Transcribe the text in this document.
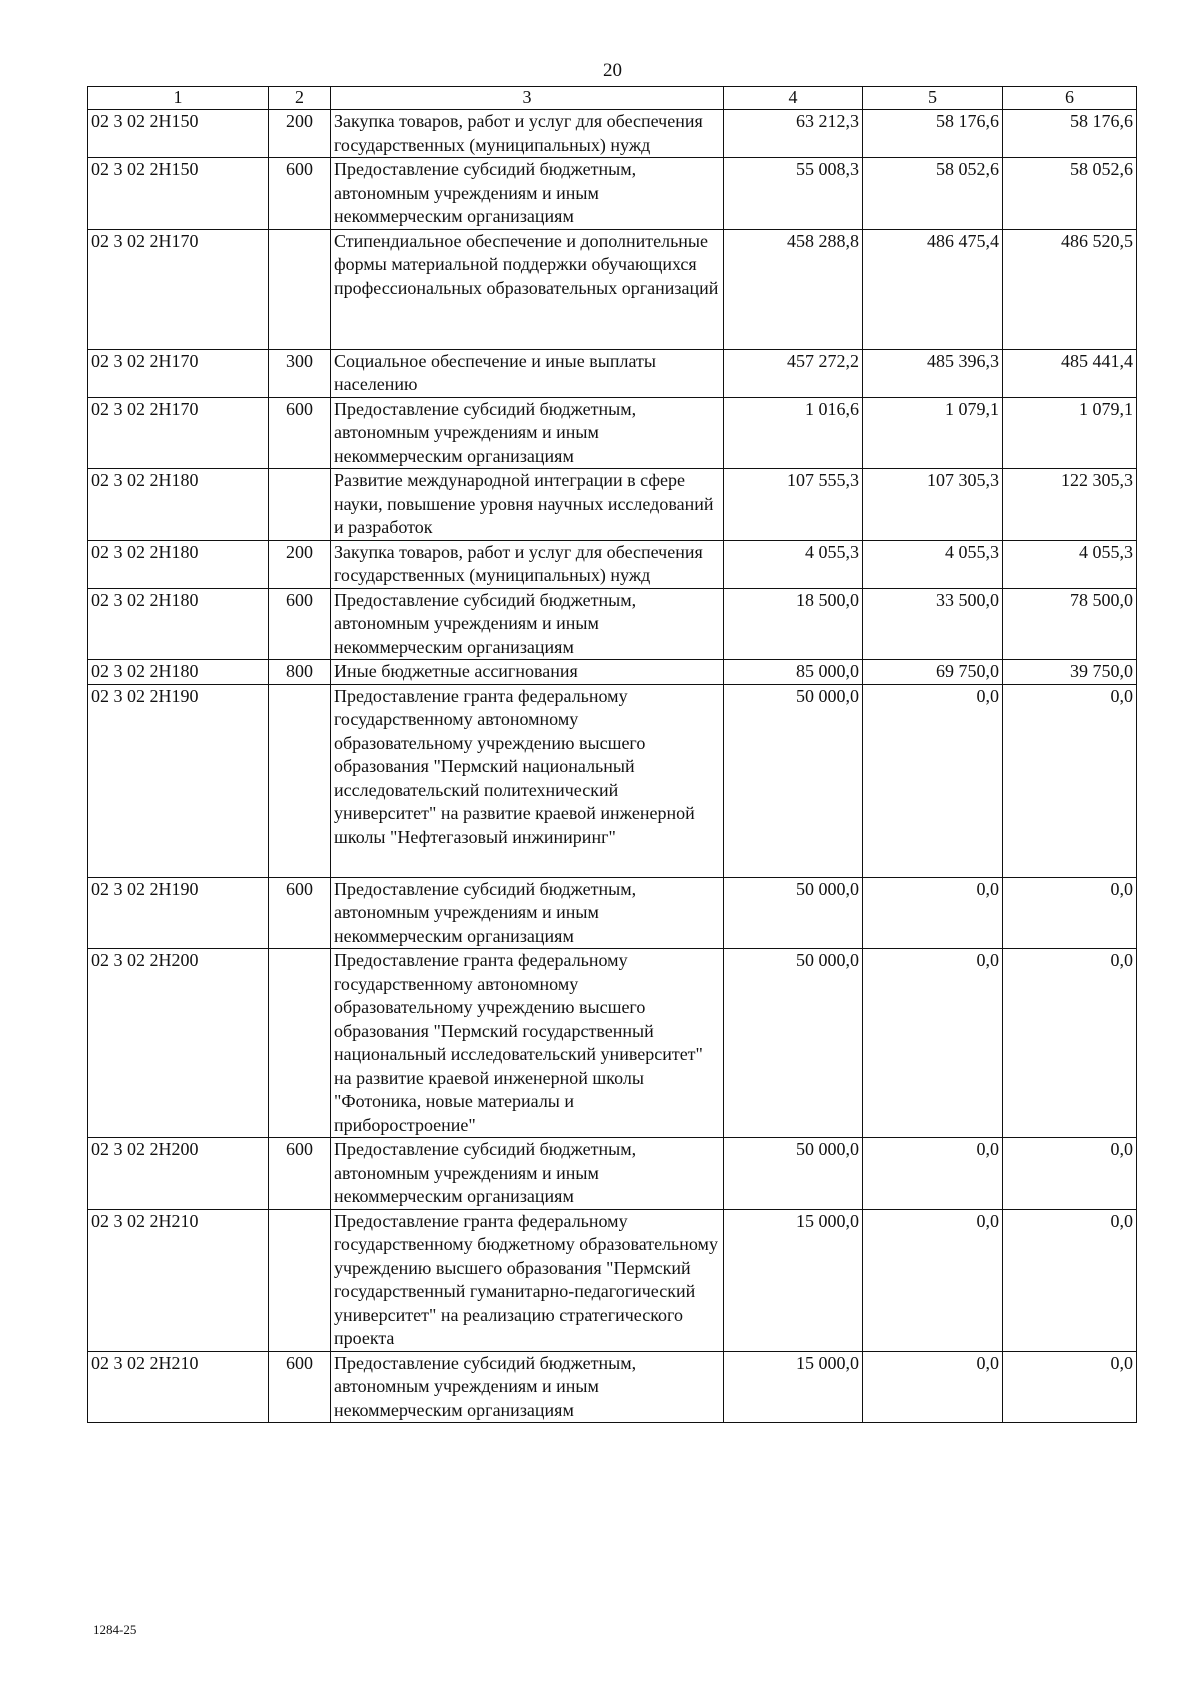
20
1	2	3	4	5	6
02 3 02 2Н150	200	Закупка товаров, работ и услуг для обеспечения государственных (муниципальных) нужд	63 212,3	58 176,6	58 176,6
02 3 02 2Н150	600	Предоставление субсидий бюджетным, автономным учреждениям и иным некоммерческим организациям	55 008,3	58 052,6	58 052,6
02 3 02 2Н170		Стипендиальное обеспечение и дополнительные формы материальной поддержки обучающихся профессиональных образовательных организаций	458 288,8	486 475,4	486 520,5
02 3 02 2Н170	300	Социальное обеспечение и иные выплаты населению	457 272,2	485 396,3	485 441,4
02 3 02 2Н170	600	Предоставление субсидий бюджетным, автономным учреждениям и иным некоммерческим организациям	1 016,6	1 079,1	1 079,1
02 3 02 2Н180		Развитие международной интеграции в сфере науки, повышение уровня научных исследований и разработок	107 555,3	107 305,3	122 305,3
02 3 02 2Н180	200	Закупка товаров, работ и услуг для обеспечения государственных (муниципальных) нужд	4 055,3	4 055,3	4 055,3
02 3 02 2Н180	600	Предоставление субсидий бюджетным, автономным учреждениям и иным некоммерческим организациям	18 500,0	33 500,0	78 500,0
02 3 02 2Н180	800	Иные бюджетные ассигнования	85 000,0	69 750,0	39 750,0
02 3 02 2Н190		Предоставление гранта федеральному государственному автономному образовательному учреждению высшего образования "Пермский национальный исследовательский политехнический университет" на развитие краевой инженерной школы "Нефтегазовый инжиниринг"	50 000,0	0,0	0,0
02 3 02 2Н190	600	Предоставление субсидий бюджетным, автономным учреждениям и иным некоммерческим организациям	50 000,0	0,0	0,0
02 3 02 2Н200		Предоставление гранта федеральному государственному автономному образовательному учреждению высшего образования "Пермский государственный национальный исследовательский университет" на развитие краевой инженерной школы "Фотоника, новые материалы и приборостроение"	50 000,0	0,0	0,0
02 3 02 2Н200	600	Предоставление субсидий бюджетным, автономным учреждениям и иным некоммерческим организациям	50 000,0	0,0	0,0
02 3 02 2Н210		Предоставление гранта федеральному государственному бюджетному образовательному учреждению высшего образования "Пермский государственный гуманитарно-педагогический университет" на реализацию стратегического проекта	15 000,0	0,0	0,0
02 3 02 2Н210	600	Предоставление субсидий бюджетным, автономным учреждениям и иным некоммерческим организациям	15 000,0	0,0	0,0
1284-25
